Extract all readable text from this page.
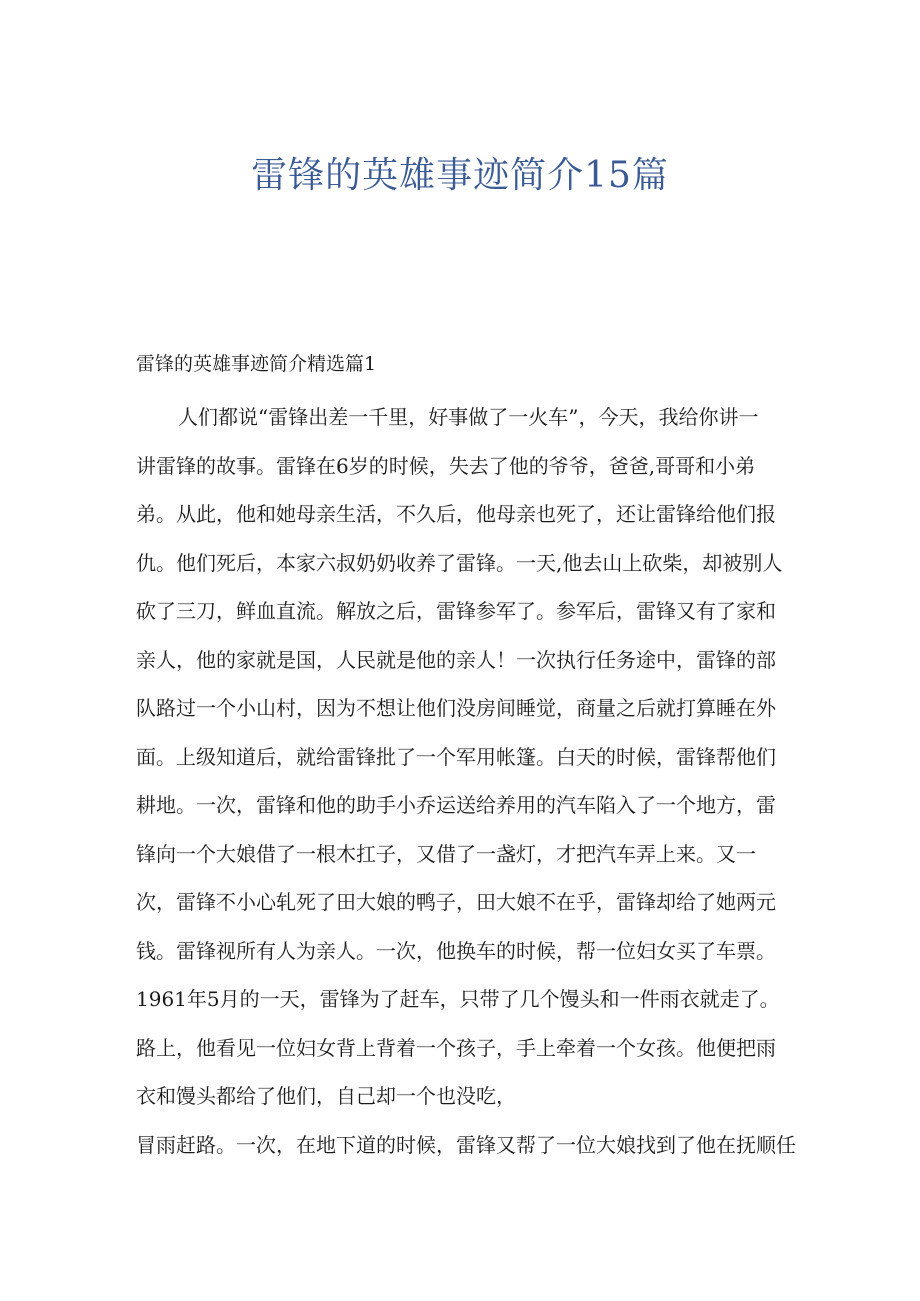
雷锋的英雄事迹简介15篇
雷锋的英雄事迹简介精选篇1
人们都说“雷锋出差一千里，好事做了一火车”，今天，我给你讲一
讲雷锋的故事。雷锋在6岁的时候，失去了他的爷爷，爸爸,哥哥和小弟
弟。从此，他和她母亲生活，不久后，他母亲也死了，还让雷锋给他们报
仇。他们死后，本家六叔奶奶收养了雷锋。一天,他去山上砍柴，却被别人
砍了三刀，鲜血直流。解放之后，雷锋参军了。参军后，雷锋又有了家和
亲人，他的家就是国，人民就是他的亲人！一次执行任务途中，雷锋的部
队路过一个小山村，因为不想让他们没房间睡觉，商量之后就打算睡在外
面。上级知道后，就给雷锋批了一个军用帐篷。白天的时候，雷锋帮他们
耕地。一次，雷锋和他的助手小乔运送给养用的汽车陷入了一个地方，雷
锋向一个大娘借了一根木扛子，又借了一盏灯，才把汽车弄上来。又一
次，雷锋不小心轧死了田大娘的鸭子，田大娘不在乎，雷锋却给了她两元
钱。雷锋视所有人为亲人。一次，他换车的时候，帮一位妇女买了车票。
1961年5月的一天，雷锋为了赶车，只带了几个馒头和一件雨衣就走了。
路上，他看见一位妇女背上背着一个孩子，手上牵着一个女孩。他便把雨
衣和馒头都给了他们，自己却一个也没吃，
冒雨赶路。一次，在地下道的时候，雷锋又帮了一位大娘找到了他在抚顺任
